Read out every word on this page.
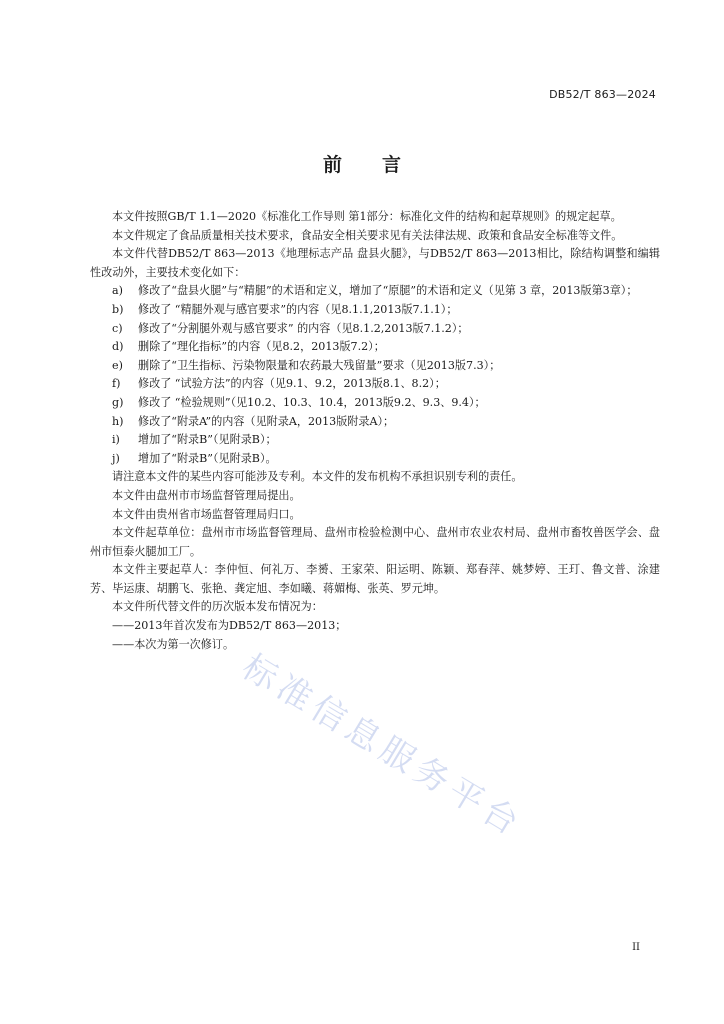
DB52/T 863—2024
前言

本文件按照GB/T 1.1—2020《标准化工作导则 第1部分：标准化文件的结构和起草规则》的规定起草。

本文件规定了食品质量相关技术要求，食品安全相关要求见有关法律法规、政策和食品安全标准等文件。

本文件代替DB52/T 863—2013《地理标志产品 盘县火腿》，与DB52/T 863—2013相比，除结构调整和编辑性改动外，主要技术变化如下：

a) 修改了“盘县火腿”与“精腿”的术语和定义，增加了“原腿”的术语和定义（见第 3 章，2013版第3章）；
b) 修改了 “精腿外观与感官要求”的内容（见8.1.1,2013版7.1.1）；
c) 修改了“分割腿外观与感官要求” 的内容（见8.1.2,2013版7.1.2）；
d) 删除了“理化指标”的内容（见8.2，2013版7.2）；
e) 删除了“卫生指标、污染物限量和农药最大残留量”要求（见2013版7.3）；
f) 修改了 “试验方法”的内容（见9.1、9.2，2013版8.1、8.2）；
g) 修改了 “检验规则”（见10.2、10.3、10.4，2013版9.2、9.3、9.4）；
h) 修改了“附录A”的内容（见附录A，2013版附录A）；
i) 增加了“附录B”（见附录B）；
j) 增加了“附录B”（见附录B）。

请注意本文件的某些内容可能涉及专利。本文件的发布机构不承担识别专利的责任。

本文件由盘州市市场监督管理局提出。

本文件由贵州省市场监督管理局归口。

本文件起草单位：盘州市市场监督管理局、盘州市检验检测中心、盘州市农业农村局、盘州市畜牧兽医学会、盘州市恒泰火腿加工厂。

本文件主要起草人：李仲恒、何礼万、李赟、王家荣、阳运明、陈颖、郑春萍、姚梦婷、王玎、鲁文普、涂建芳、毕运康、胡鹏飞、张艳、龚定旭、李如曦、蒋媚梅、张英、罗元坤。

本文件所代替文件的历次版本发布情况为：

——2013年首次发布为DB52/T 863—2013；

——本次为第一次修订。

标准信息服务平台
II
